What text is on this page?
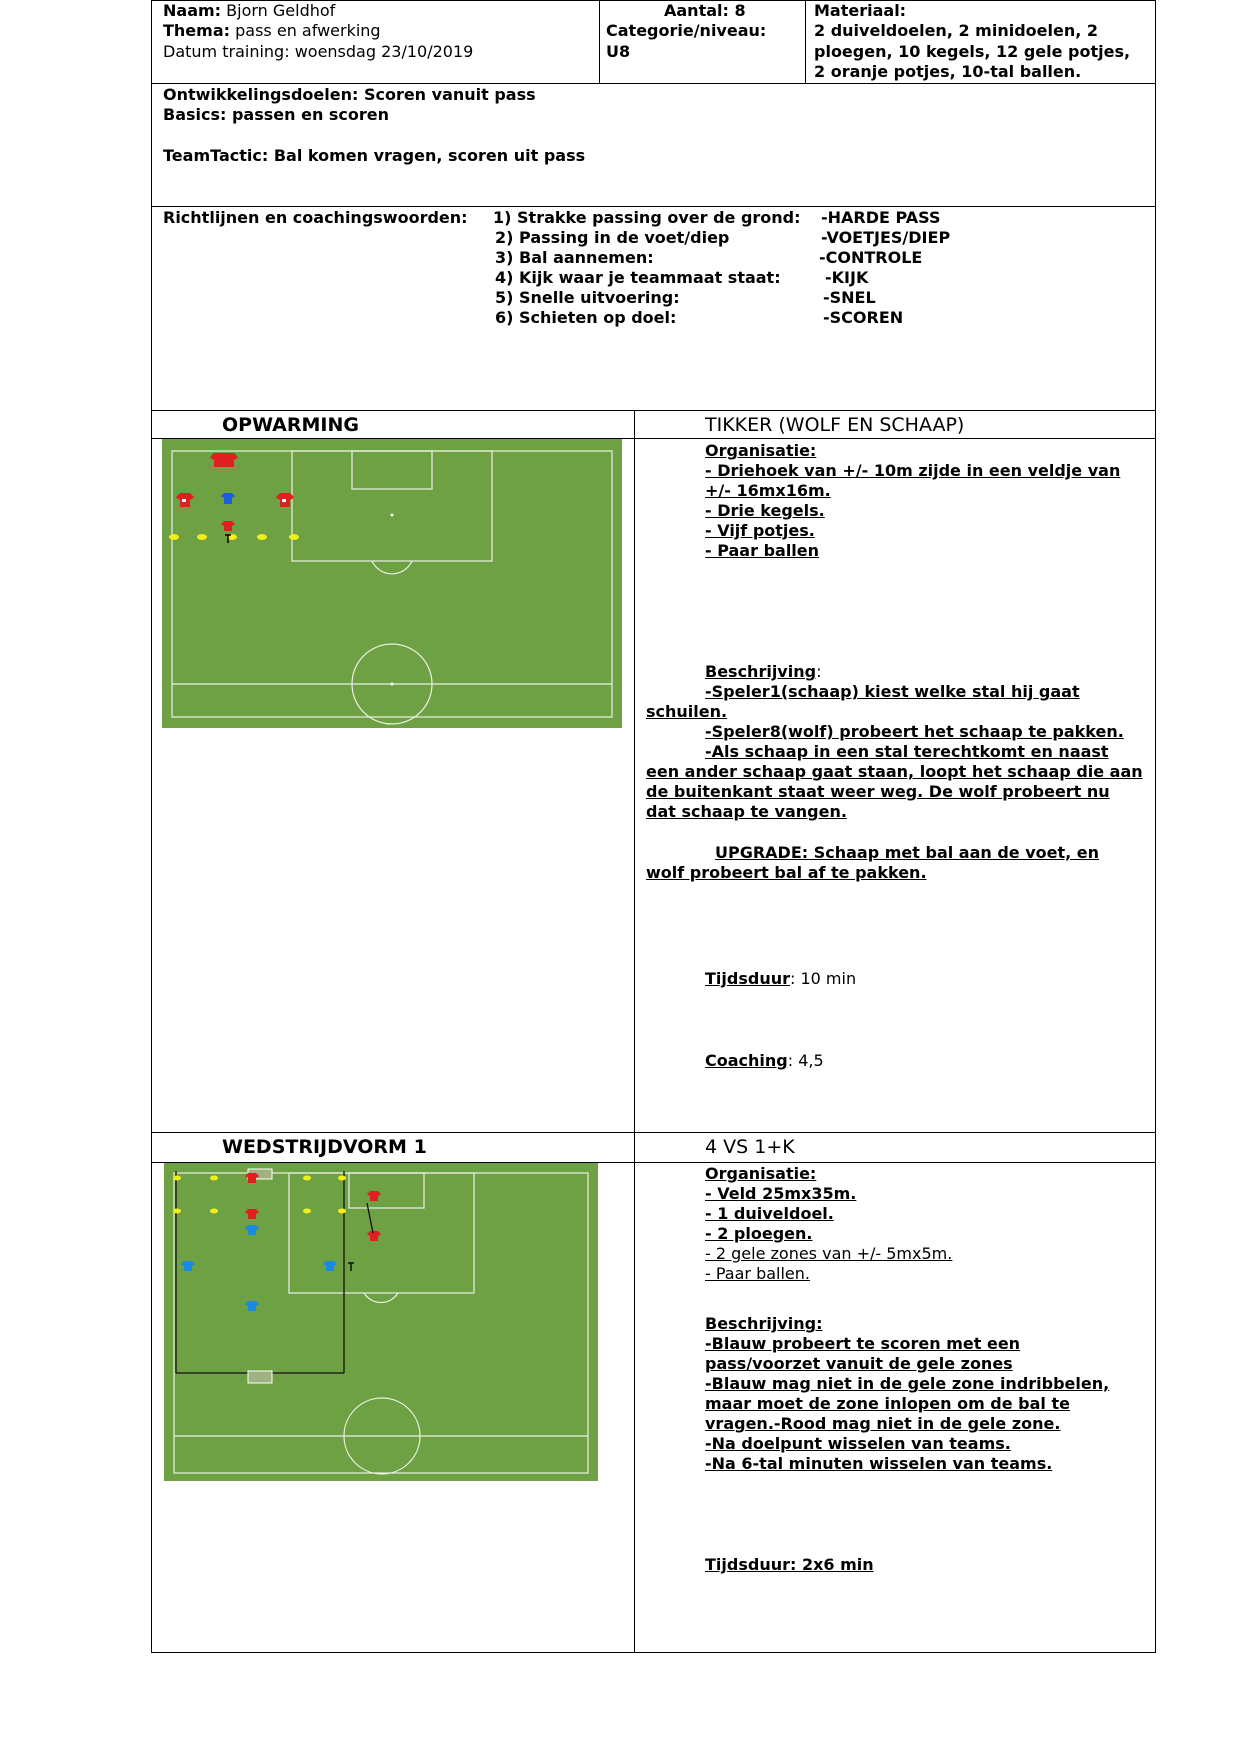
Naam: Bjorn Geldhof
Thema: pass en afwerking
Datum training: woensdag 23/10/2019
Aantal: 8
Categorie/niveau:
U8
Materiaal:
2 duiveldoelen, 2 minidoelen, 2
ploegen, 10 kegels, 12 gele potjes,
2 oranje potjes, 10-tal ballen.
Ontwikkelingsdoelen: Scoren vanuit pass
Basics: passen en scoren
TeamTactic: Bal komen vragen, scoren uit pass
Richtlijnen en coachingswoorden: 1) Strakke passing over de grond: -HARDE PASS
2) Passing in de voet/diep	-VOETJES/DIEP
3) Bal aannemen:	-CONTROLE
4) Kijk waar je teammaat staat:	-KIJK
5) Snelle uitvoering:	-SNEL
6) Schieten op doel:	-SCOREN
OPWARMING	TIKKER (WOLF EN SCHAAP)
Organisatie:
- Driehoek van +/- 10m zijde in een veldje van
+/- 16mx16m.
- Drie kegels.
- Vijf potjes.
- Paar ballen
Beschrijving:
-Speler1(schaap) kiest welke stal hij gaat
schuilen.
-Speler8(wolf) probeert het schaap te pakken.
-Als schaap in een stal terechtkomt en naast
een ander schaap gaat staan, loopt het schaap die aan
de buitenkant staat weer weg. De wolf probeert nu
dat schaap te vangen.
UPGRADE: Schaap met bal aan de voet, en
wolf probeert bal af te pakken.
Tijdsduur: 10 min
Coaching: 4,5
WEDSTRIJDVORM 1	4 VS 1+K
Organisatie:
- Veld 25mx35m.
- 1 duiveldoel.
- 2 ploegen.
- 2 gele zones van +/- 5mx5m.
- Paar ballen.
Beschrijving:
-Blauw probeert te scoren met een
pass/voorzet vanuit de gele zones
-Blauw mag niet in de gele zone indribbelen,
maar moet de zone inlopen om de bal te
vragen.-Rood mag niet in de gele zone.
-Na doelpunt wisselen van teams.
-Na 6-tal minuten wisselen van teams.
Tijdsduur: 2x6 min
